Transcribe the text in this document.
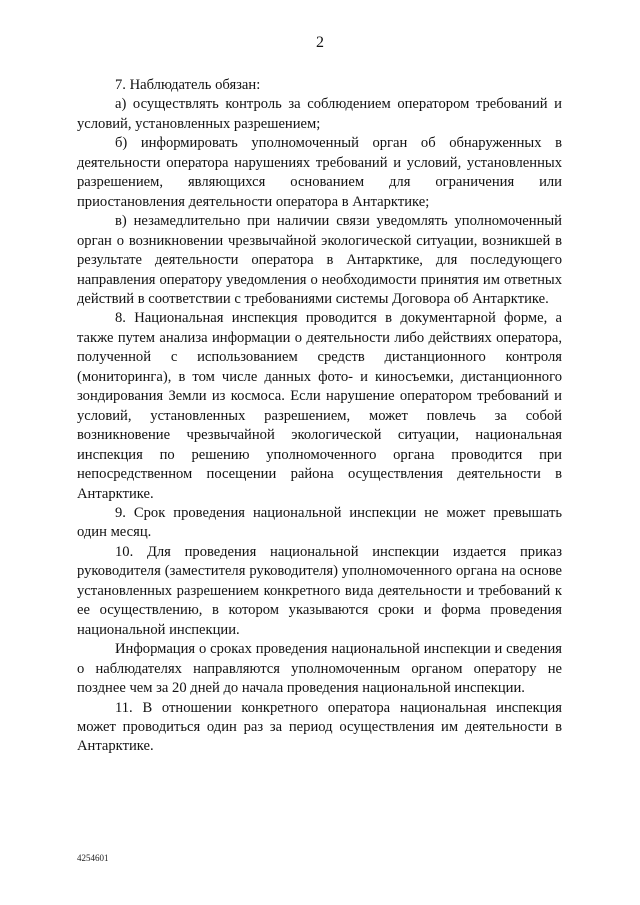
2

7. Наблюдатель обязан:

а) осуществлять контроль за соблюдением оператором требований и условий, установленных разрешением;

б) информировать уполномоченный орган об обнаруженных в деятельности оператора нарушениях требований и условий, установленных разрешением, являющихся основанием для ограничения или приостановления деятельности оператора в Антарктике;

в) незамедлительно при наличии связи уведомлять уполномоченный орган о возникновении чрезвычайной экологической ситуации, возникшей в результате деятельности оператора в Антарктике, для последующего направления оператору уведомления о необходимости принятия им ответных действий в соответствии с требованиями системы Договора об Антарктике.

8. Национальная инспекция проводится в документарной форме, а также путем анализа информации о деятельности либо действиях оператора, полученной с использованием средств дистанционного контроля (мониторинга), в том числе данных фото- и киносъемки, дистанционного зондирования Земли из космоса. Если нарушение оператором требований и условий, установленных разрешением, может повлечь за собой возникновение чрезвычайной экологической ситуации, национальная инспекция по решению уполномоченного органа проводится при непосредственном посещении района осуществления деятельности в Антарктике.

9. Срок проведения национальной инспекции не может превышать один месяц.

10. Для проведения национальной инспекции издается приказ руководителя (заместителя руководителя) уполномоченного органа на основе установленных разрешением конкретного вида деятельности и требований к ее осуществлению, в котором указываются сроки и форма проведения национальной инспекции.

Информация о сроках проведения национальной инспекции и сведения о наблюдателях направляются уполномоченным органом оператору не позднее чем за 20 дней до начала проведения национальной инспекции.

11. В отношении конкретного оператора национальная инспекция может проводиться один раз за период осуществления им деятельности в Антарктике.

4254601
